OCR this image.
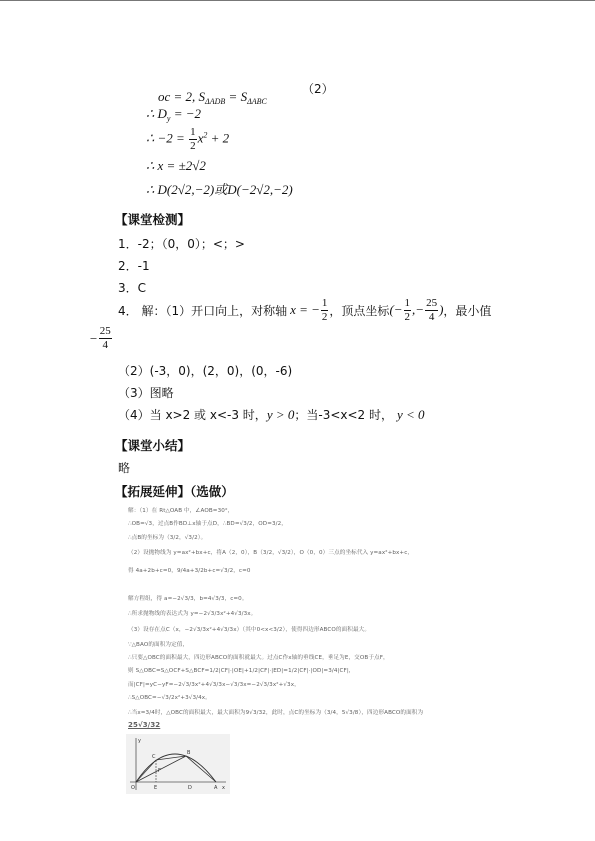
（2）
oc = 2, $S_{\Delta ADB} = S_{\Delta ABC}$
∴ $D_y = -2$
∴ $-2 = \frac{1}{2} x^2 + 2$
∴ x = ±2√2
∴ D(2√2,−2)或D(−2√2,−2)
【课堂检测】
1．-2；（0，0）；<；>
2．-1
3．C
4． 解：（1）开口向上，对称轴 x = − $\frac{1}{2}$ ，顶点坐标 (− $\frac{1}{2}$ ,− $\frac{25}{4}$ ) ，最小值
− $\frac{25}{4}$
（2）(-3，0)，(2，0)，(0，-6)
（3）图略
（4）当 x>2 或 x<-3 时，y > 0；当-3<x<2 时， y < 0
【课堂小结】
略
【拓展延伸】（选做）
解：（1）在 Rt△OAB 中，∠AOB=30°，
∴OB=√3，过点B作BD⊥x轴于点D，∴BD=√3/2，OD=3/2，
∴点B的坐标为（3/2，√3/2）。
（2）设抛物线为 y=ax²+bx+c，将A（2，0），B（3/2，√3/2），O（0，0）三点的坐标代入 y=ax²+bx+c，
得 4a+2b+c=0，9/4a+3/2b+c=√3/2，c=0
解方程组，得 a=−2√3/3，b=4√3/3，c=0。
∴所求抛物线的表达式为 y=−2√3/3x²+4√3/3x。
（3）设存在点C（x，−2√3/3x²+4√3/3x）（其中0<x<3/2），使得四边形ABCO的面积最大。
∵△BAO的面积为定值，
∴只要△OBC的面积最大，四边形ABCO的面积就最大。过点C作x轴的垂线CE，垂足为E，交OB于点F，
则 S△OBC=S△OCF+S△BCF=1/2|CF|·|OE|+1/2|CF|·|ED|=1/2|CF|·|OD|=3/4|CF|，
而|CF|=yC−yF=−2√3/3x²+4√3/3x−√3/3x=−2√3/3x²+√3x，
∴S△OBC=−√3/2x²+3√3/4x。
∴当x=3/4时，△OBC的面积最大，最大面积为9√3/32，此时，点C的坐标为（3/4，5√3/8），四边形ABCO的面积为
25√3/32
y
O	x
B
C
A
D
E
F
